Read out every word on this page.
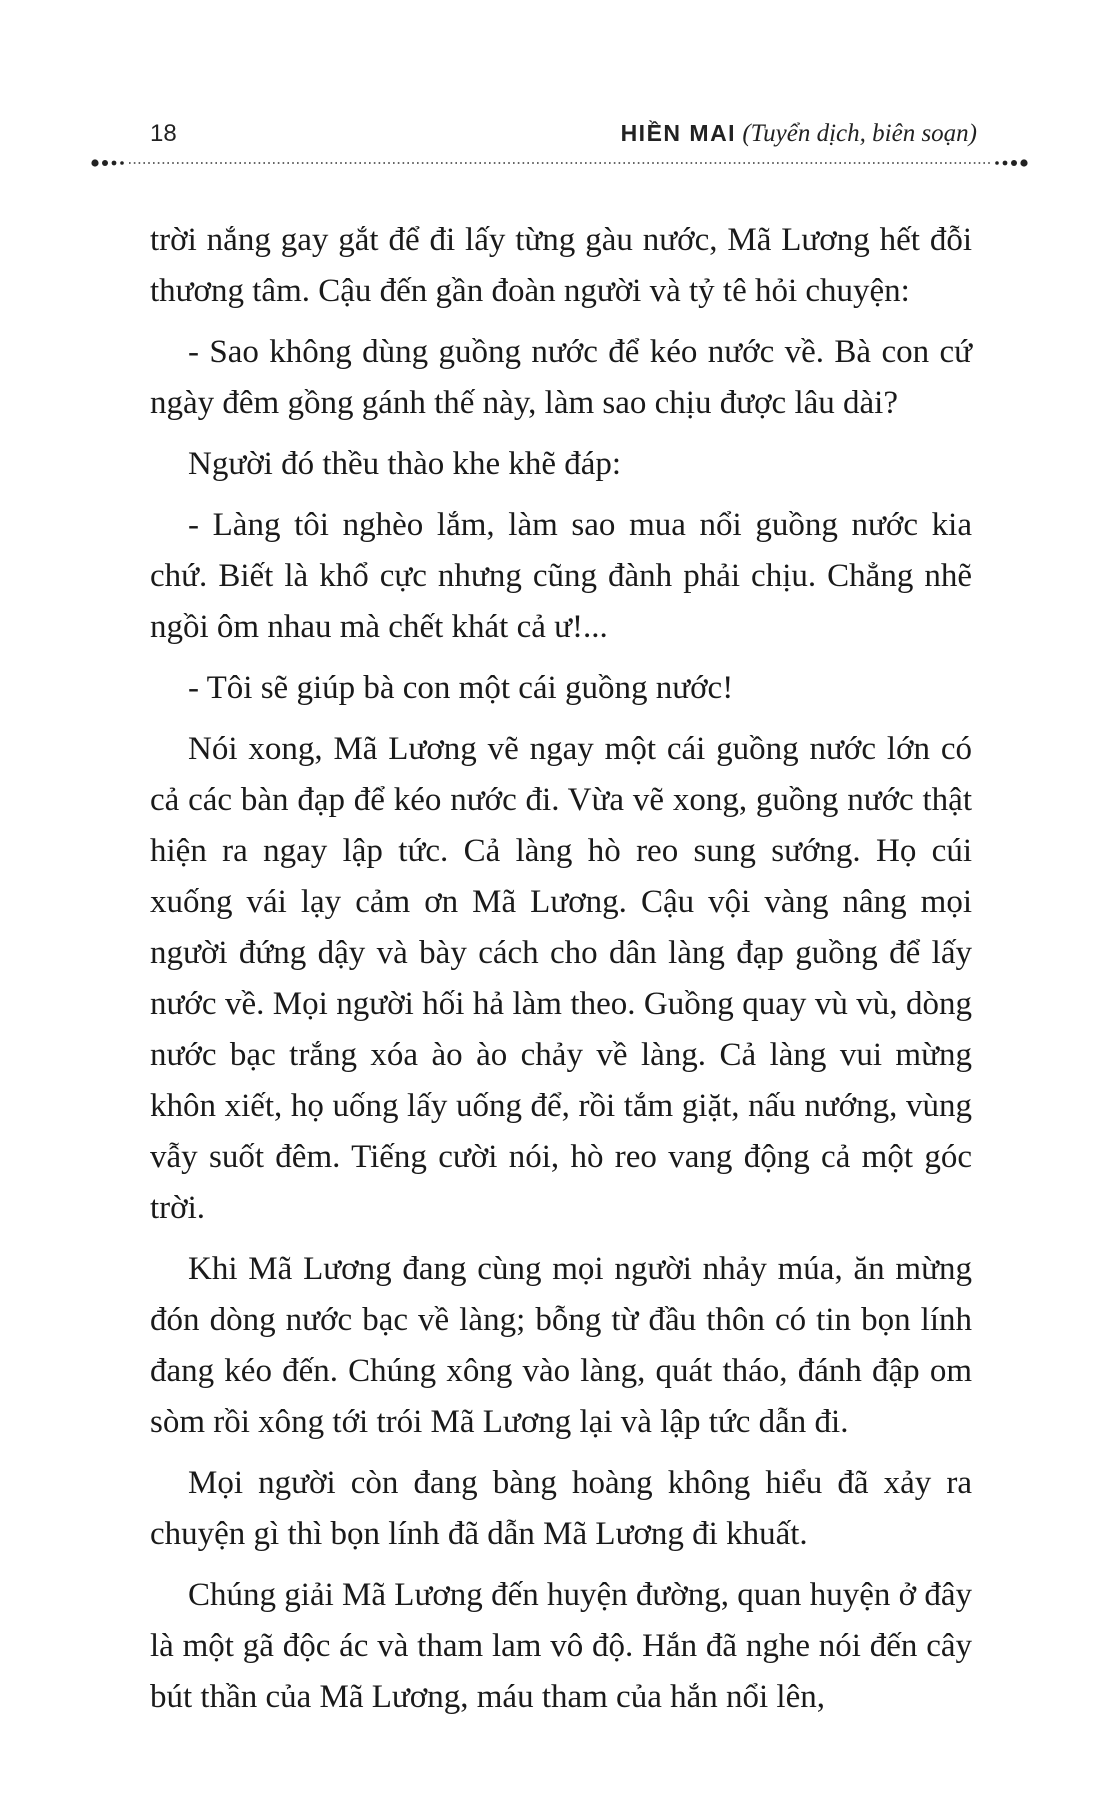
18	HIỀN MAI (Tuyển dịch, biên soạn)

trời nắng gay gắt để đi lấy từng gàu nước, Mã Lương hết đỗi thương tâm. Cậu đến gần đoàn người và tỷ tê hỏi chuyện:

- Sao không dùng guồng nước để kéo nước về. Bà con cứ ngày đêm gồng gánh thế này, làm sao chịu được lâu dài?

Người đó thều thào khe khẽ đáp:

- Làng tôi nghèo lắm, làm sao mua nổi guồng nước kia chứ. Biết là khổ cực nhưng cũng đành phải chịu. Chẳng nhẽ ngồi ôm nhau mà chết khát cả ư!...

- Tôi sẽ giúp bà con một cái guồng nước!

Nói xong, Mã Lương vẽ ngay một cái guồng nước lớn có cả các bàn đạp để kéo nước đi. Vừa vẽ xong, guồng nước thật hiện ra ngay lập tức. Cả làng hò reo sung sướng. Họ cúi xuống vái lạy cảm ơn Mã Lương. Cậu vội vàng nâng mọi người đứng dậy và bày cách cho dân làng đạp guồng để lấy nước về. Mọi người hối hả làm theo. Guồng quay vù vù, dòng nước bạc trắng xóa ào ào chảy về làng. Cả làng vui mừng khôn xiết, họ uống lấy uống để, rồi tắm giặt, nấu nướng, vùng vẫy suốt đêm. Tiếng cười nói, hò reo vang động cả một góc trời.

Khi Mã Lương đang cùng mọi người nhảy múa, ăn mừng đón dòng nước bạc về làng; bỗng từ đầu thôn có tin bọn lính đang kéo đến. Chúng xông vào làng, quát tháo, đánh đập om sòm rồi xông tới trói Mã Lương lại và lập tức dẫn đi.

Mọi người còn đang bàng hoàng không hiểu đã xảy ra chuyện gì thì bọn lính đã dẫn Mã Lương đi khuất.

Chúng giải Mã Lương đến huyện đường, quan huyện ở đây là một gã độc ác và tham lam vô độ. Hắn đã nghe nói đến cây bút thần của Mã Lương, máu tham của hắn nổi lên,
